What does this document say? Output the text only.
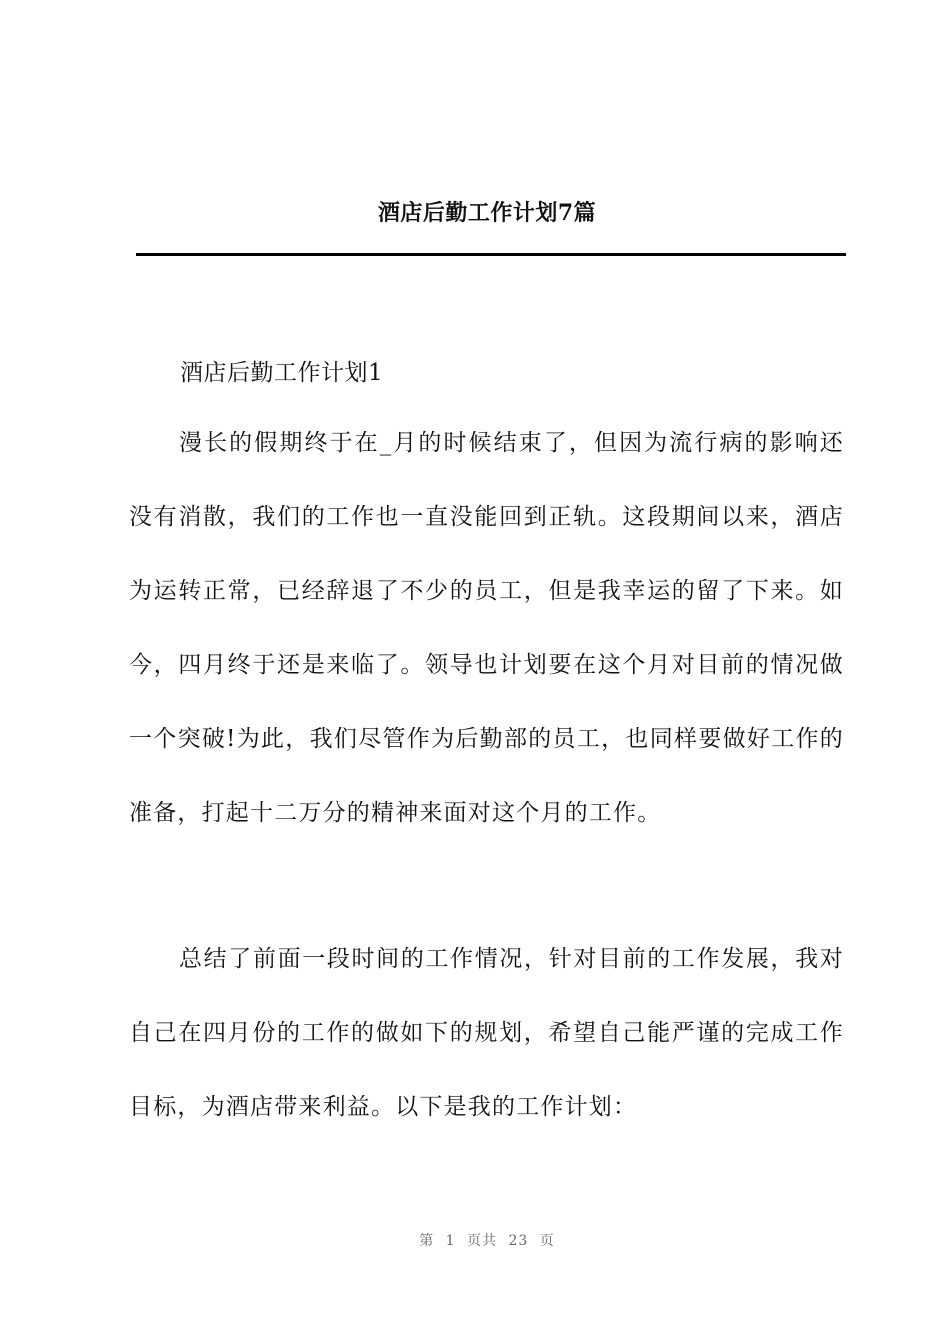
酒店后勤工作计划7篇
酒店后勤工作计划1

漫长的假期终于在_月的时候结束了，但因为流行病的影响还没有消散，我们的工作也一直没能回到正轨。这段期间以来，酒店为运转正常，已经辞退了不少的员工，但是我幸运的留了下来。如今，四月终于还是来临了。领导也计划要在这个月对目前的情况做一个突破!为此，我们尽管作为后勤部的员工，也同样要做好工作的准备，打起十二万分的精神来面对这个月的工作。

总结了前面一段时间的工作情况，针对目前的工作发展，我对自己在四月份的工作的做如下的规划，希望自己能严谨的完成工作目标，为酒店带来利益。以下是我的工作计划：

第 1 页共 23 页
